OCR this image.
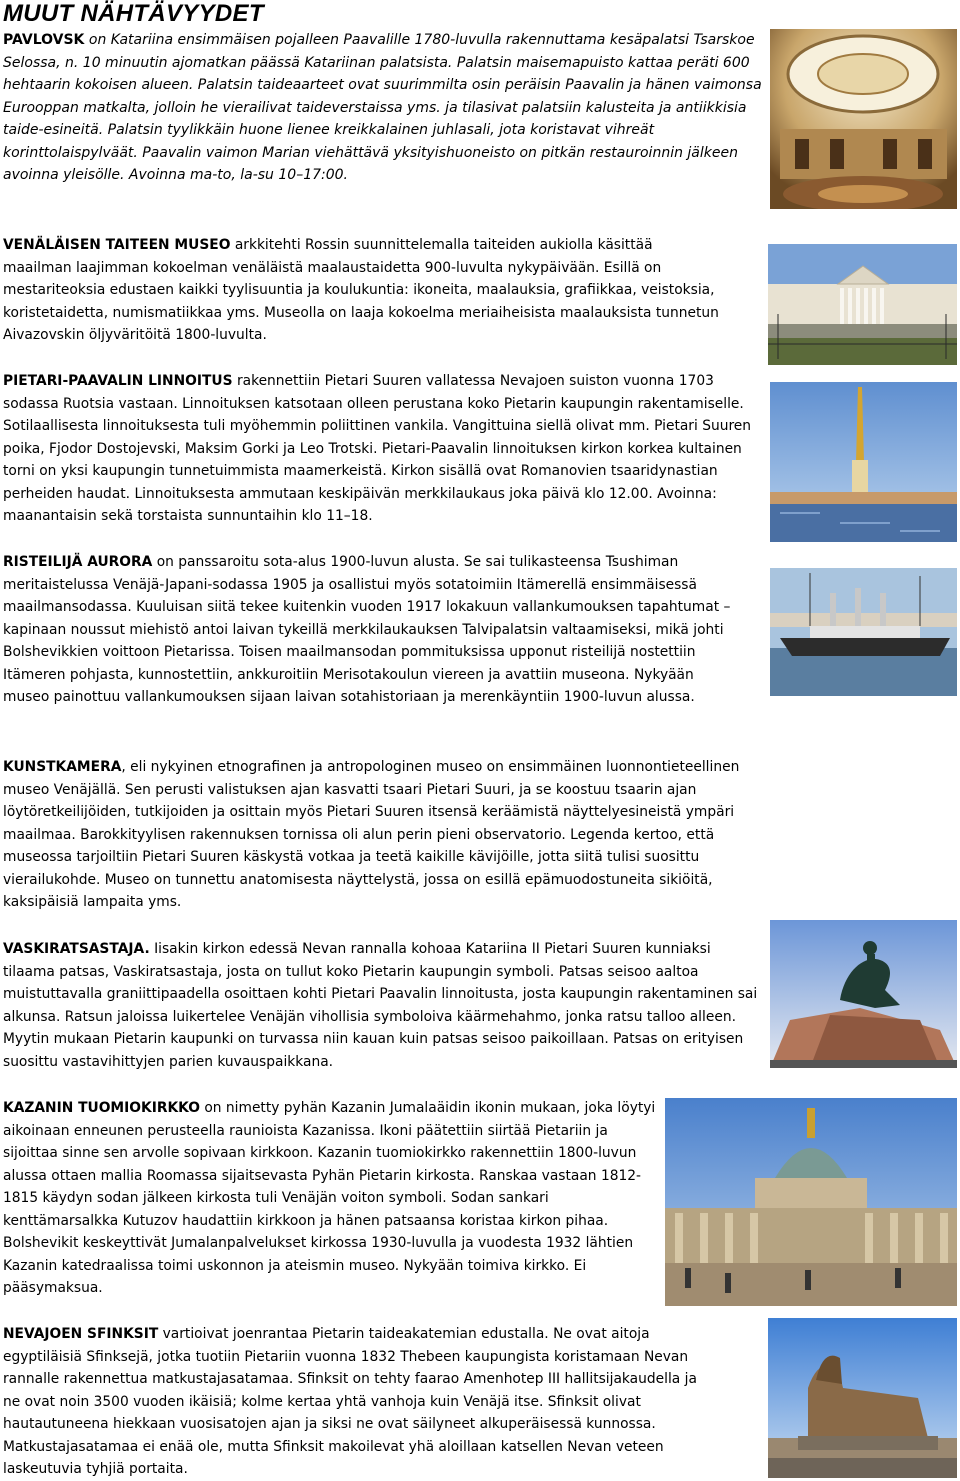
MUUT NÄHTÄVYYDET
PAVLOVSK on Katariina ensimmäisen pojalleen Paavalille 1780-luvulla rakennuttama kesäpalatsi Tsarskoe Selossa, n. 10 minuutin ajomatkan päässä Katariinan palatsista. Palatsin maisemapuisto kattaa peräti 600 hehtaarin kokoisen alueen. Palatsin taideaarteet ovat suurimmilta osin peräisin Paavalin ja hänen vaimonsa Eurooppan matkalta, jolloin he vierailivat taideverstaissa yms. ja tilasivat palatsiin kalusteita ja antiikkisia taide-esineitä. Palatsin tyylikkäin huone lienee kreikkalainen juhlasali, jota koristavat vihreät korinttolaispylväät. Paavalin vaimon Marian viehättävä yksityishuoneisto on pitkän restauroinnin jälkeen avoinna yleisölle. Avoinna ma-to, la-su 10–17:00.
VENÄLÄISEN TAITEEN MUSEO arkkitehti Rossin suunnittelemalla taiteiden aukiolla käsittää maailman laajimman kokoelman venäläistä maalaustaidetta 900-luvulta nykypäivään. Esillä on mestariteoksia edustaen kaikki tyylisuuntia ja koulukuntia: ikoneita, maalauksia, grafiikkaa, veistoksia, koristetaidetta, numismatiikkaa yms. Museolla on laaja kokoelma meriaiheisista maalauksista tunnetun Aivazovskin öljyväritöitä 1800-luvulta.
PIETARI-PAAVALIN LINNOITUS rakennettiin Pietari Suuren vallatessa Nevajoen suiston vuonna 1703 sodassa Ruotsia vastaan. Linnoituksen katsotaan olleen perustana koko Pietarin kaupungin rakentamiselle. Sotilaallisesta linnoituksesta tuli myöhemmin poliittinen vankila. Vangittuina siellä olivat mm. Pietari Suuren poika, Fjodor Dostojevski, Maksim Gorki ja Leo Trotski. Pietari-Paavalin linnoituksen kirkon korkea kultainen torni on yksi kaupungin tunnetuimmista maamerkeistä. Kirkon sisällä ovat Romanovien tsaaridynastian perheiden haudat. Linnoituksesta ammutaan keskipäivän merkkilaukaus joka päivä klo 12.00. Avoinna: maanantaisin sekä torstaista sunnuntaihin klo 11–18.
RISTEILIJÄ AURORA on panssaroitu sota-alus 1900-luvun alusta. Se sai tulikasteensa Tsushiman meritaistelussa Venäjä-Japani-sodassa 1905 ja osallistui myös sotatoimiin Itämerellä ensimmäisessä maailmansodassa. Kuuluisan siitä tekee kuitenkin vuoden 1917 lokakuun vallankumouksen tapahtumat – kapinaan noussut miehistö antoi laivan tykeillä merkkilaukauksen Talvipalatsin valtaamiseksi, mikä johti Bolshevikkien voittoon Pietarissa. Toisen maailmansodan pommituksissa upponut risteilijä nostettiin Itämeren pohjasta, kunnostettiin, ankkuroitiin Merisotakoulun viereen ja avattiin museona. Nykyään museo painottuu vallankumouksen sijaan laivan sotahistoriaan ja merenkäyntiin 1900-luvun alussa.
KUNSTKAMERA, eli nykyinen etnografinen ja antropologinen museo on ensimmäinen luonnontieteellinen museo Venäjällä. Sen perusti valistuksen ajan kasvatti tsaari Pietari Suuri, ja se koostuu tsaarin ajan löytöretkeilijöiden, tutkijoiden ja osittain myös Pietari Suuren itsensä keräämistä näyttelyesineistä ympäri maailmaa. Barokkityylisen rakennuksen tornissa oli alun perin pieni observatorio. Legenda kertoo, että museossa tarjoiltiin Pietari Suuren käskystä votkaa ja teetä kaikille kävijöille, jotta siitä tulisi suosittu vierailukohde. Museo on tunnettu anatomisesta näyttelystä, jossa on esillä epämuodostuneita sikiöitä, kaksipäisiä lampaita yms.
VASKIRATSASTAJA. Iisakin kirkon edessä Nevan rannalla kohoaa Katariina II Pietari Suuren kunniaksi tilaama patsas, Vaskiratsastaja, josta on tullut koko Pietarin kaupungin symboli. Patsas seisoo aaltoa muistuttavalla graniittipaadella osoittaen kohti Pietari Paavalin linnoitusta, josta kaupungin rakentaminen sai alkunsa. Ratsun jaloissa luikertelee Venäjän vihollisia symboloiva käärmehahmo, jonka ratsu talloo alleen. Myytin mukaan Pietarin kaupunki on turvassa niin kauan kuin patsas seisoo paikoillaan. Patsas on erityisen suosittu vastavihittyjen parien kuvauspaikkana.
KAZANIN TUOMIOKIRKKO on nimetty pyhän Kazanin Jumalaäidin ikonin mukaan, joka löytyi aikoinaan enneunen perusteella raunioista Kazanissa. Ikoni päätettiin siirtää Pietariin ja sijoittaa sinne sen arvolle sopivaan kirkkoon. Kazanin tuomiokirkko rakennettiin 1800-luvun alussa ottaen mallia Roomassa sijaitsevasta Pyhän Pietarin kirkosta. Ranskaa vastaan 1812-1815 käydyn sodan jälkeen kirkosta tuli Venäjän voiton symboli. Sodan sankari kenttämarsalkka Kutuzov haudattiin kirkkoon ja hänen patsaansa koristaa kirkon pihaa. Bolshevikit keskeyttivät Jumalanpalvelukset kirkossa 1930-luvulla ja vuodesta 1932 lähtien Kazanin katedraalissa toimi uskonnon ja ateismin museo. Nykyään toimiva kirkko. Ei pääsymaksua.
NEVAJOEN SFINKSIT vartioivat joenrantaa Pietarin taideakatemian edustalla. Ne ovat aitoja egyptiläisiä Sfinksejä, jotka tuotiin Pietariin vuonna 1832 Thebeen kaupungista koristamaan Nevan rannalle rakennettua matkustajasatamaa. Sfinksit on tehty faarao Amenhotep III hallitsijakaudella ja ne ovat noin 3500 vuoden ikäisiä; kolme kertaa yhtä vanhoja kuin Venäjä itse. Sfinksit olivat hautautuneena hiekkaan vuosisatojen ajan ja siksi ne ovat säilyneet alkuperäisessä kunnossa. Matkustajasatamaa ei enää ole, mutta Sfinksit makoilevat yhä aloillaan katsellen Nevan veteen laskeutuvia tyhjiä portaita.
